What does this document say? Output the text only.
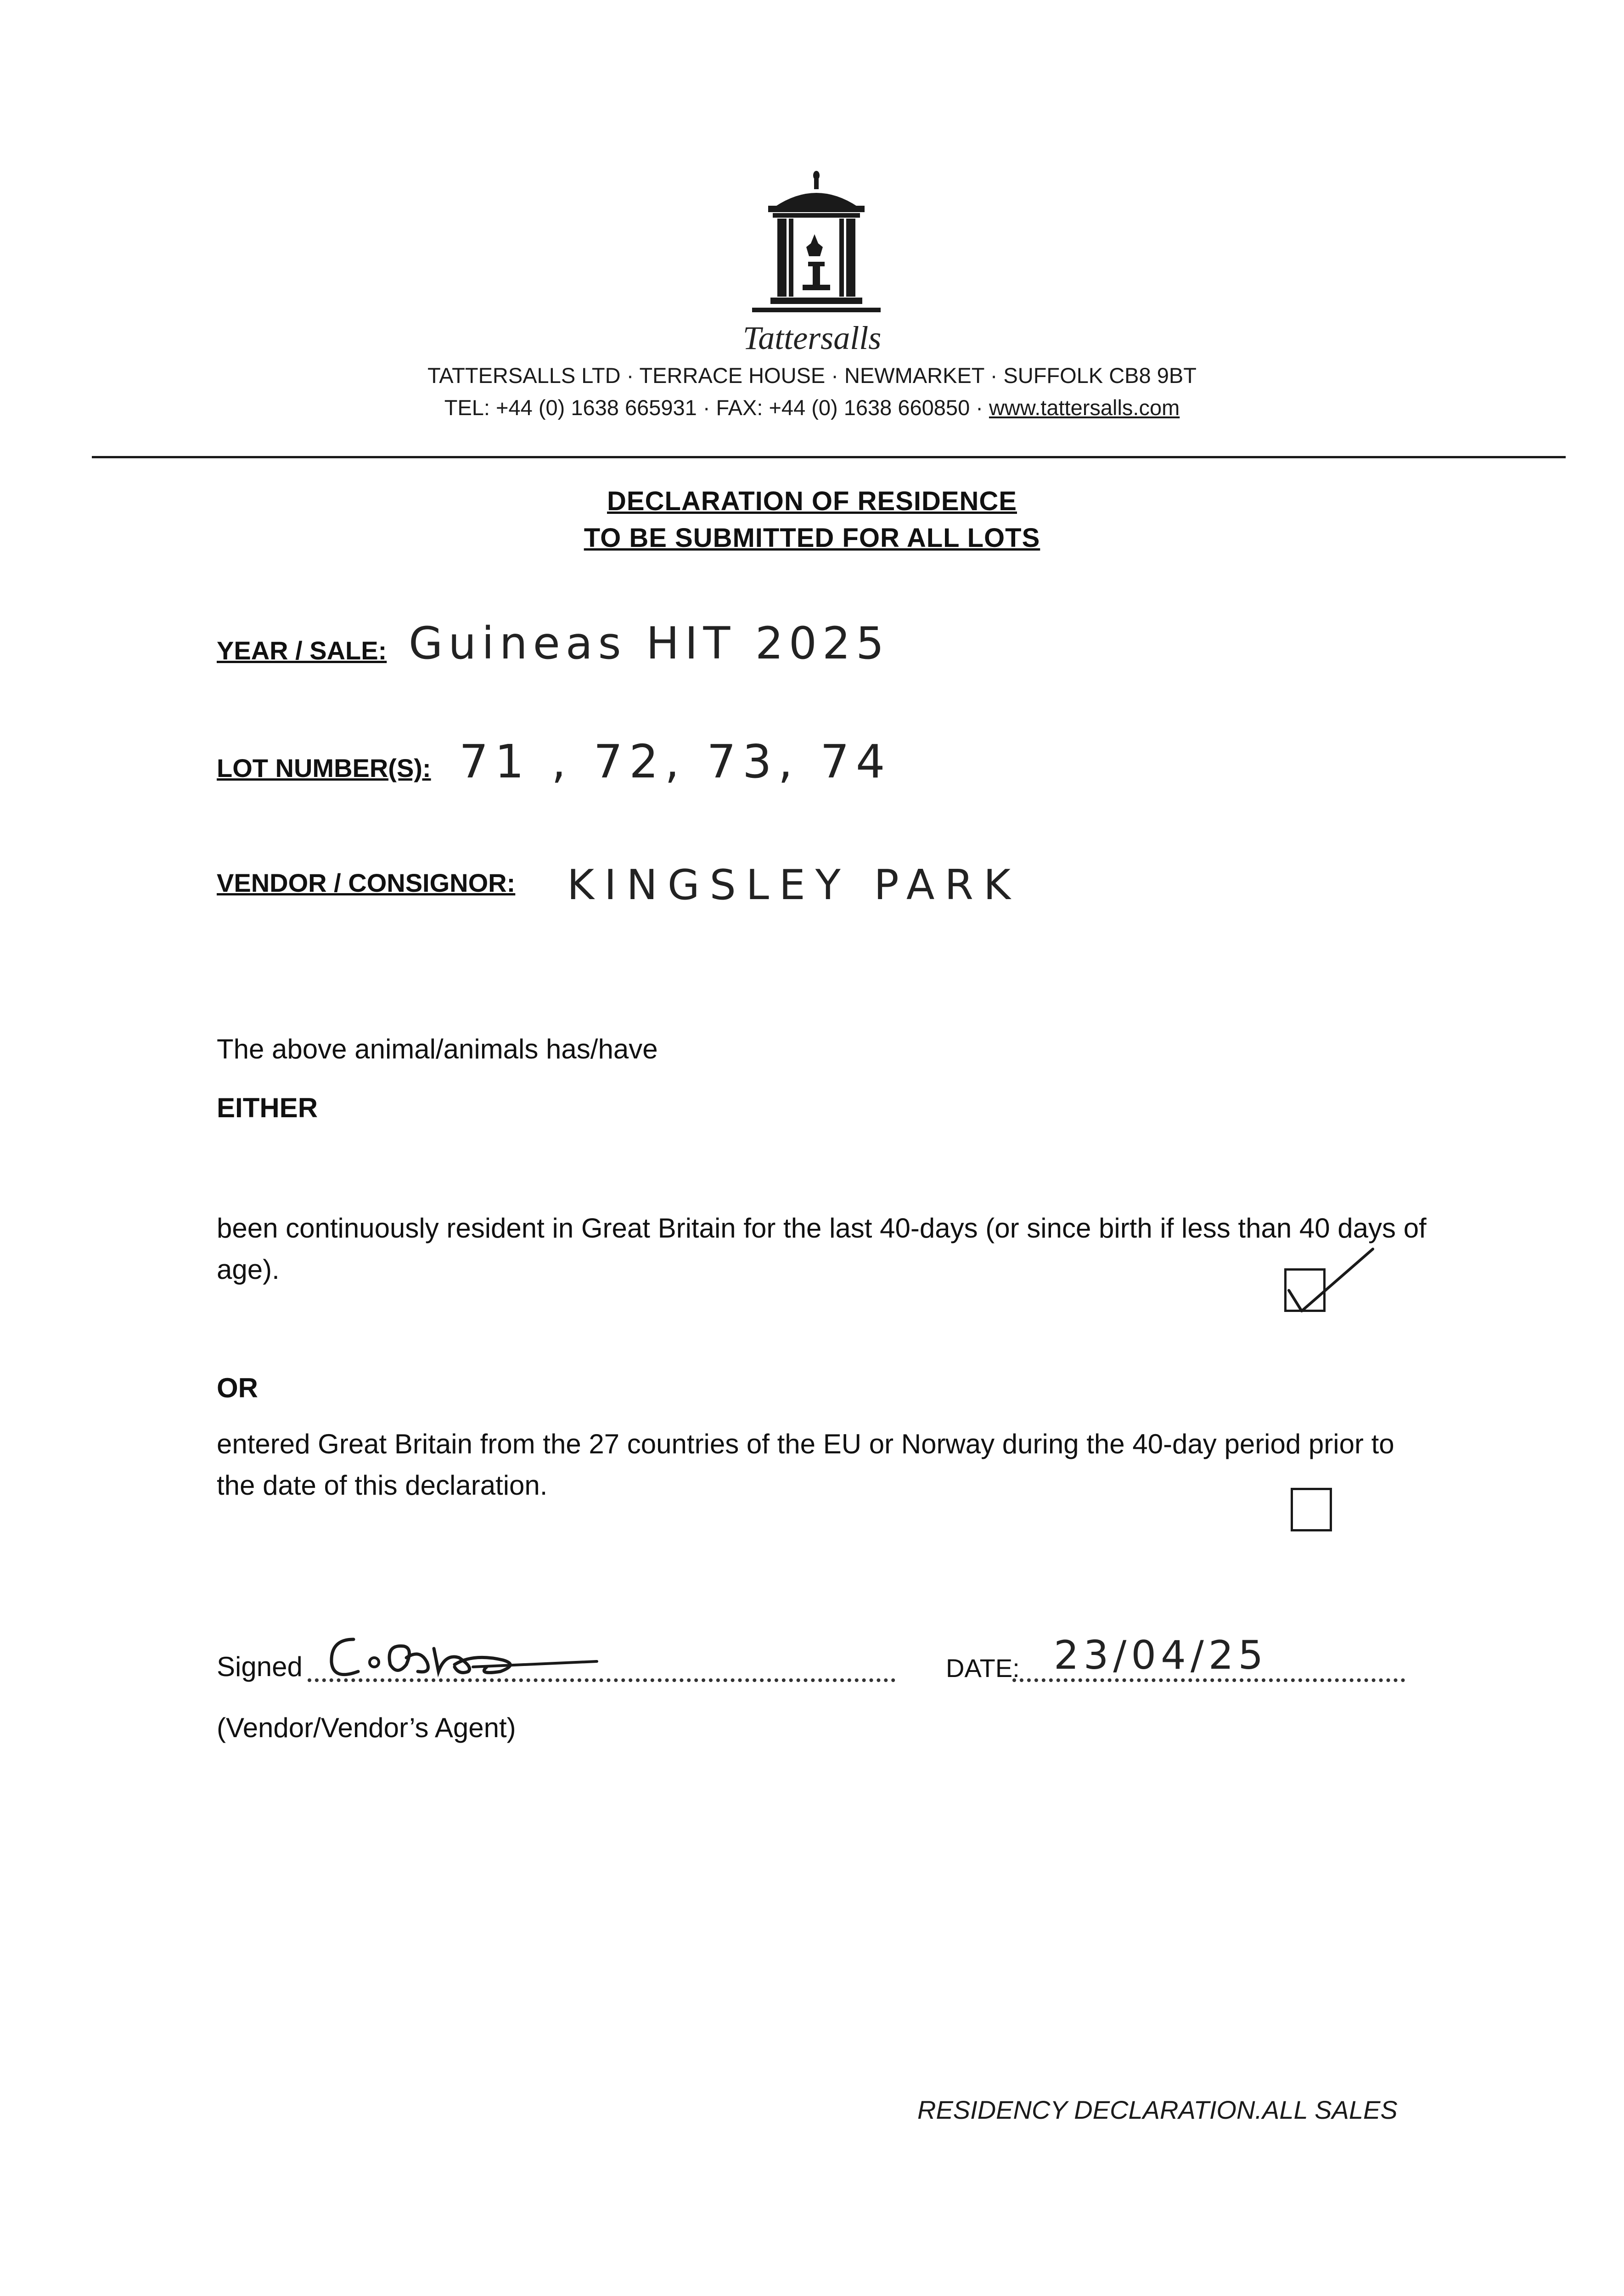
Tattersalls
TATTERSALLS LTD · TERRACE HOUSE · NEWMARKET · SUFFOLK CB8 9BT
TEL: +44 (0) 1638 665931 · FAX: +44 (0) 1638 660850 · www.tattersalls.com
DECLARATION OF RESIDENCE
TO BE SUBMITTED FOR ALL LOTS
YEAR / SALE: Guineas HIT 2025
LOT NUMBER(S): 71 , 72, 73, 74
VENDOR / CONSIGNOR: KINGSLEY PARK
The above animal/animals has/have
EITHER
been continuously resident in Great Britain for the last 40-days (or since birth if less than 40 days of age).
OR
entered Great Britain from the 27 countries of the EU or Norway during the 40-day period prior to the date of this declaration.
Signed
(Vendor/Vendor’s Agent)
DATE: 23/04/25
RESIDENCY DECLARATION.ALL SALES
